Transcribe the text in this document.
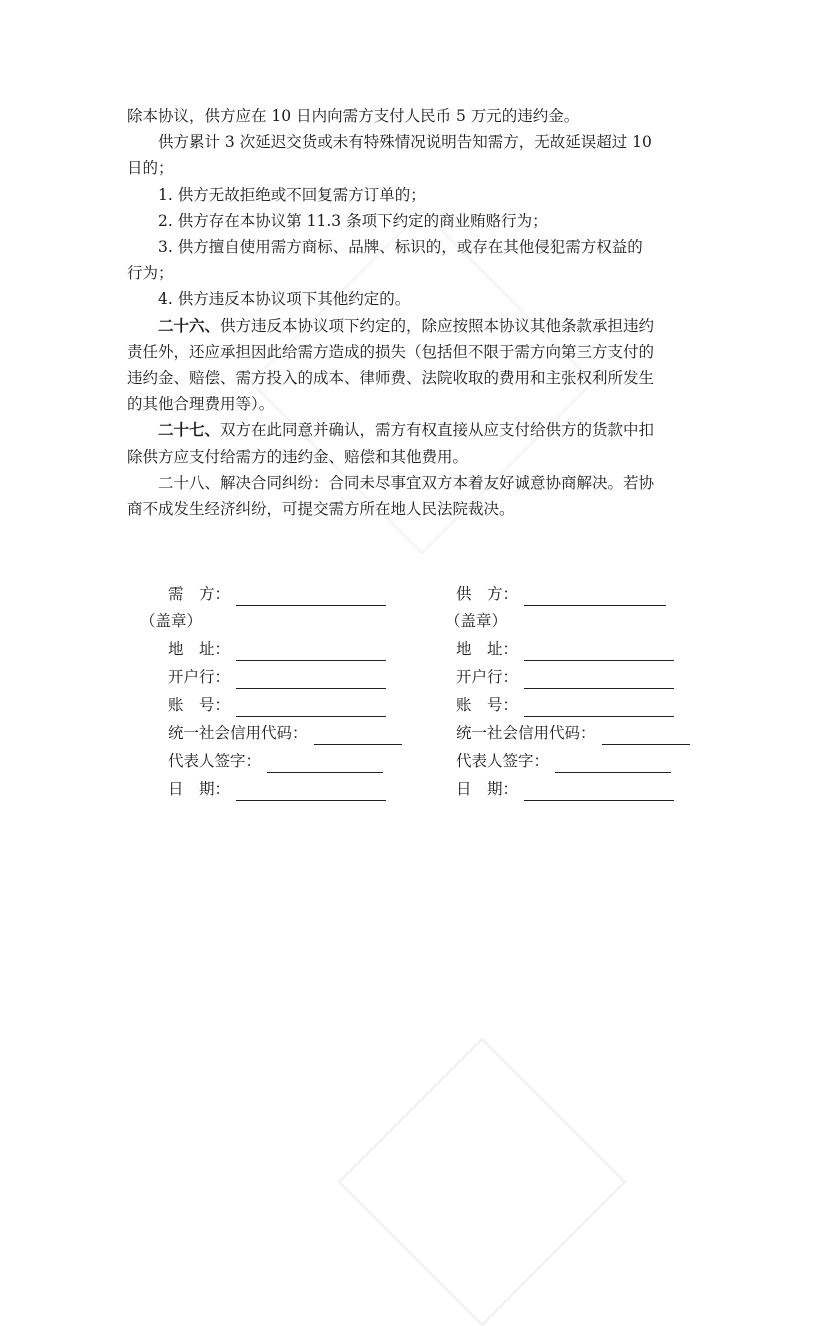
除本协议，供方应在 10 日内向需方支付人民币 5 万元的违约金。

供方累计 3 次延迟交货或未有特殊情况说明告知需方，无故延误超过 10

日的；

1. 供方无故拒绝或不回复需方订单的；

2. 供方存在本协议第 11.3 条项下约定的商业贿赂行为；

3. 供方擅自使用需方商标、品牌、标识的，或存在其他侵犯需方权益的

行为；

4. 供方违反本协议项下其他约定的。

二十六、供方违反本协议项下约定的，除应按照本协议其他条款承担违约

责任外，还应承担因此给需方造成的损失（包括但不限于需方向第三方支付的

违约金、赔偿、需方投入的成本、律师费、法院收取的费用和主张权利所发生

的其他合理费用等）。

二十七、双方在此同意并确认，需方有权直接从应支付给供方的货款中扣

除供方应支付给需方的违约金、赔偿和其他费用。

二十八、解决合同纠纷：合同未尽事宜双方本着友好诚意协商解决。若协

商不成发生经济纠纷，可提交需方所在地人民法院裁决。

需　方：
（盖章）
地　址：
开户行：
账　号：
统一社会信用代码：
代表人签字：
日　期：
供　方：
（盖章）
地　址：
开户行：
账　号：
统一社会信用代码：
代表人签字：
日　期：
